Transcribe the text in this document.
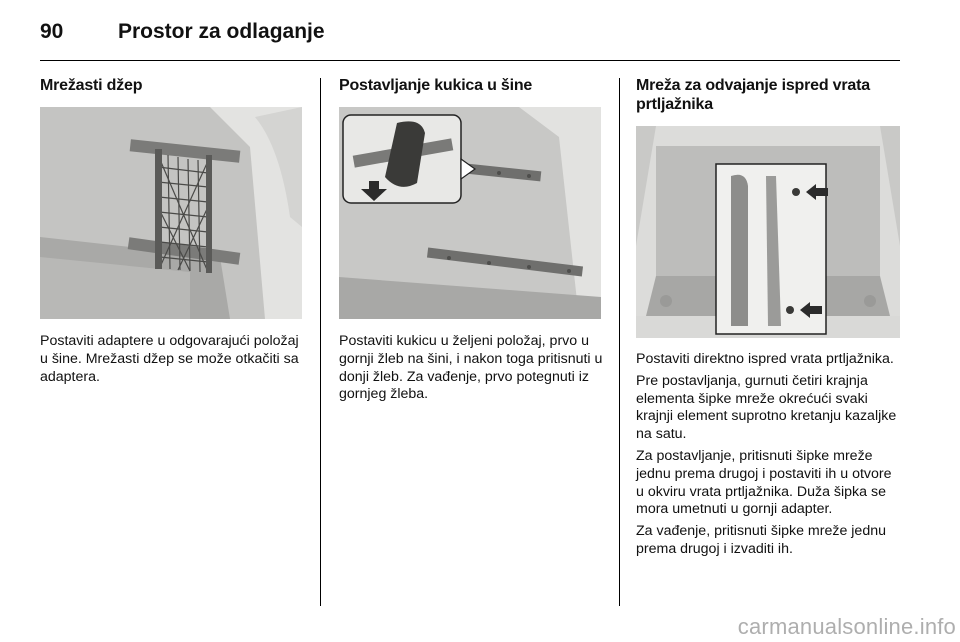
90	Prostor za odlaganje
Mrežasti džep

Postaviti adaptere u odgovarajući položaj u šine. Mrežasti džep se može otkačiti sa adaptera.

Postavljanje kukica u šine

Postaviti kukicu u željeni položaj, prvo u gornji žleb na šini, i nakon toga pritisnuti u donji žleb. Za vađenje, prvo potegnuti iz gornjeg žleba.

Mreža za odvajanje ispred vrata prtljažnika

Postaviti direktno ispred vrata prtljažnika.

Pre postavljanja, gurnuti četiri krajnja elementa šipke mreže okrećući svaki krajnji element suprotno kretanju kazaljke na satu.

Za postavljanje, pritisnuti šipke mreže jednu prema drugoj i postaviti ih u otvore u okviru vrata prtljažnika. Duža šipka se mora umetnuti u gornji adapter.

Za vađenje, pritisnuti šipke mreže jednu prema drugoj i izvaditi ih.

carmanualsonline.info
